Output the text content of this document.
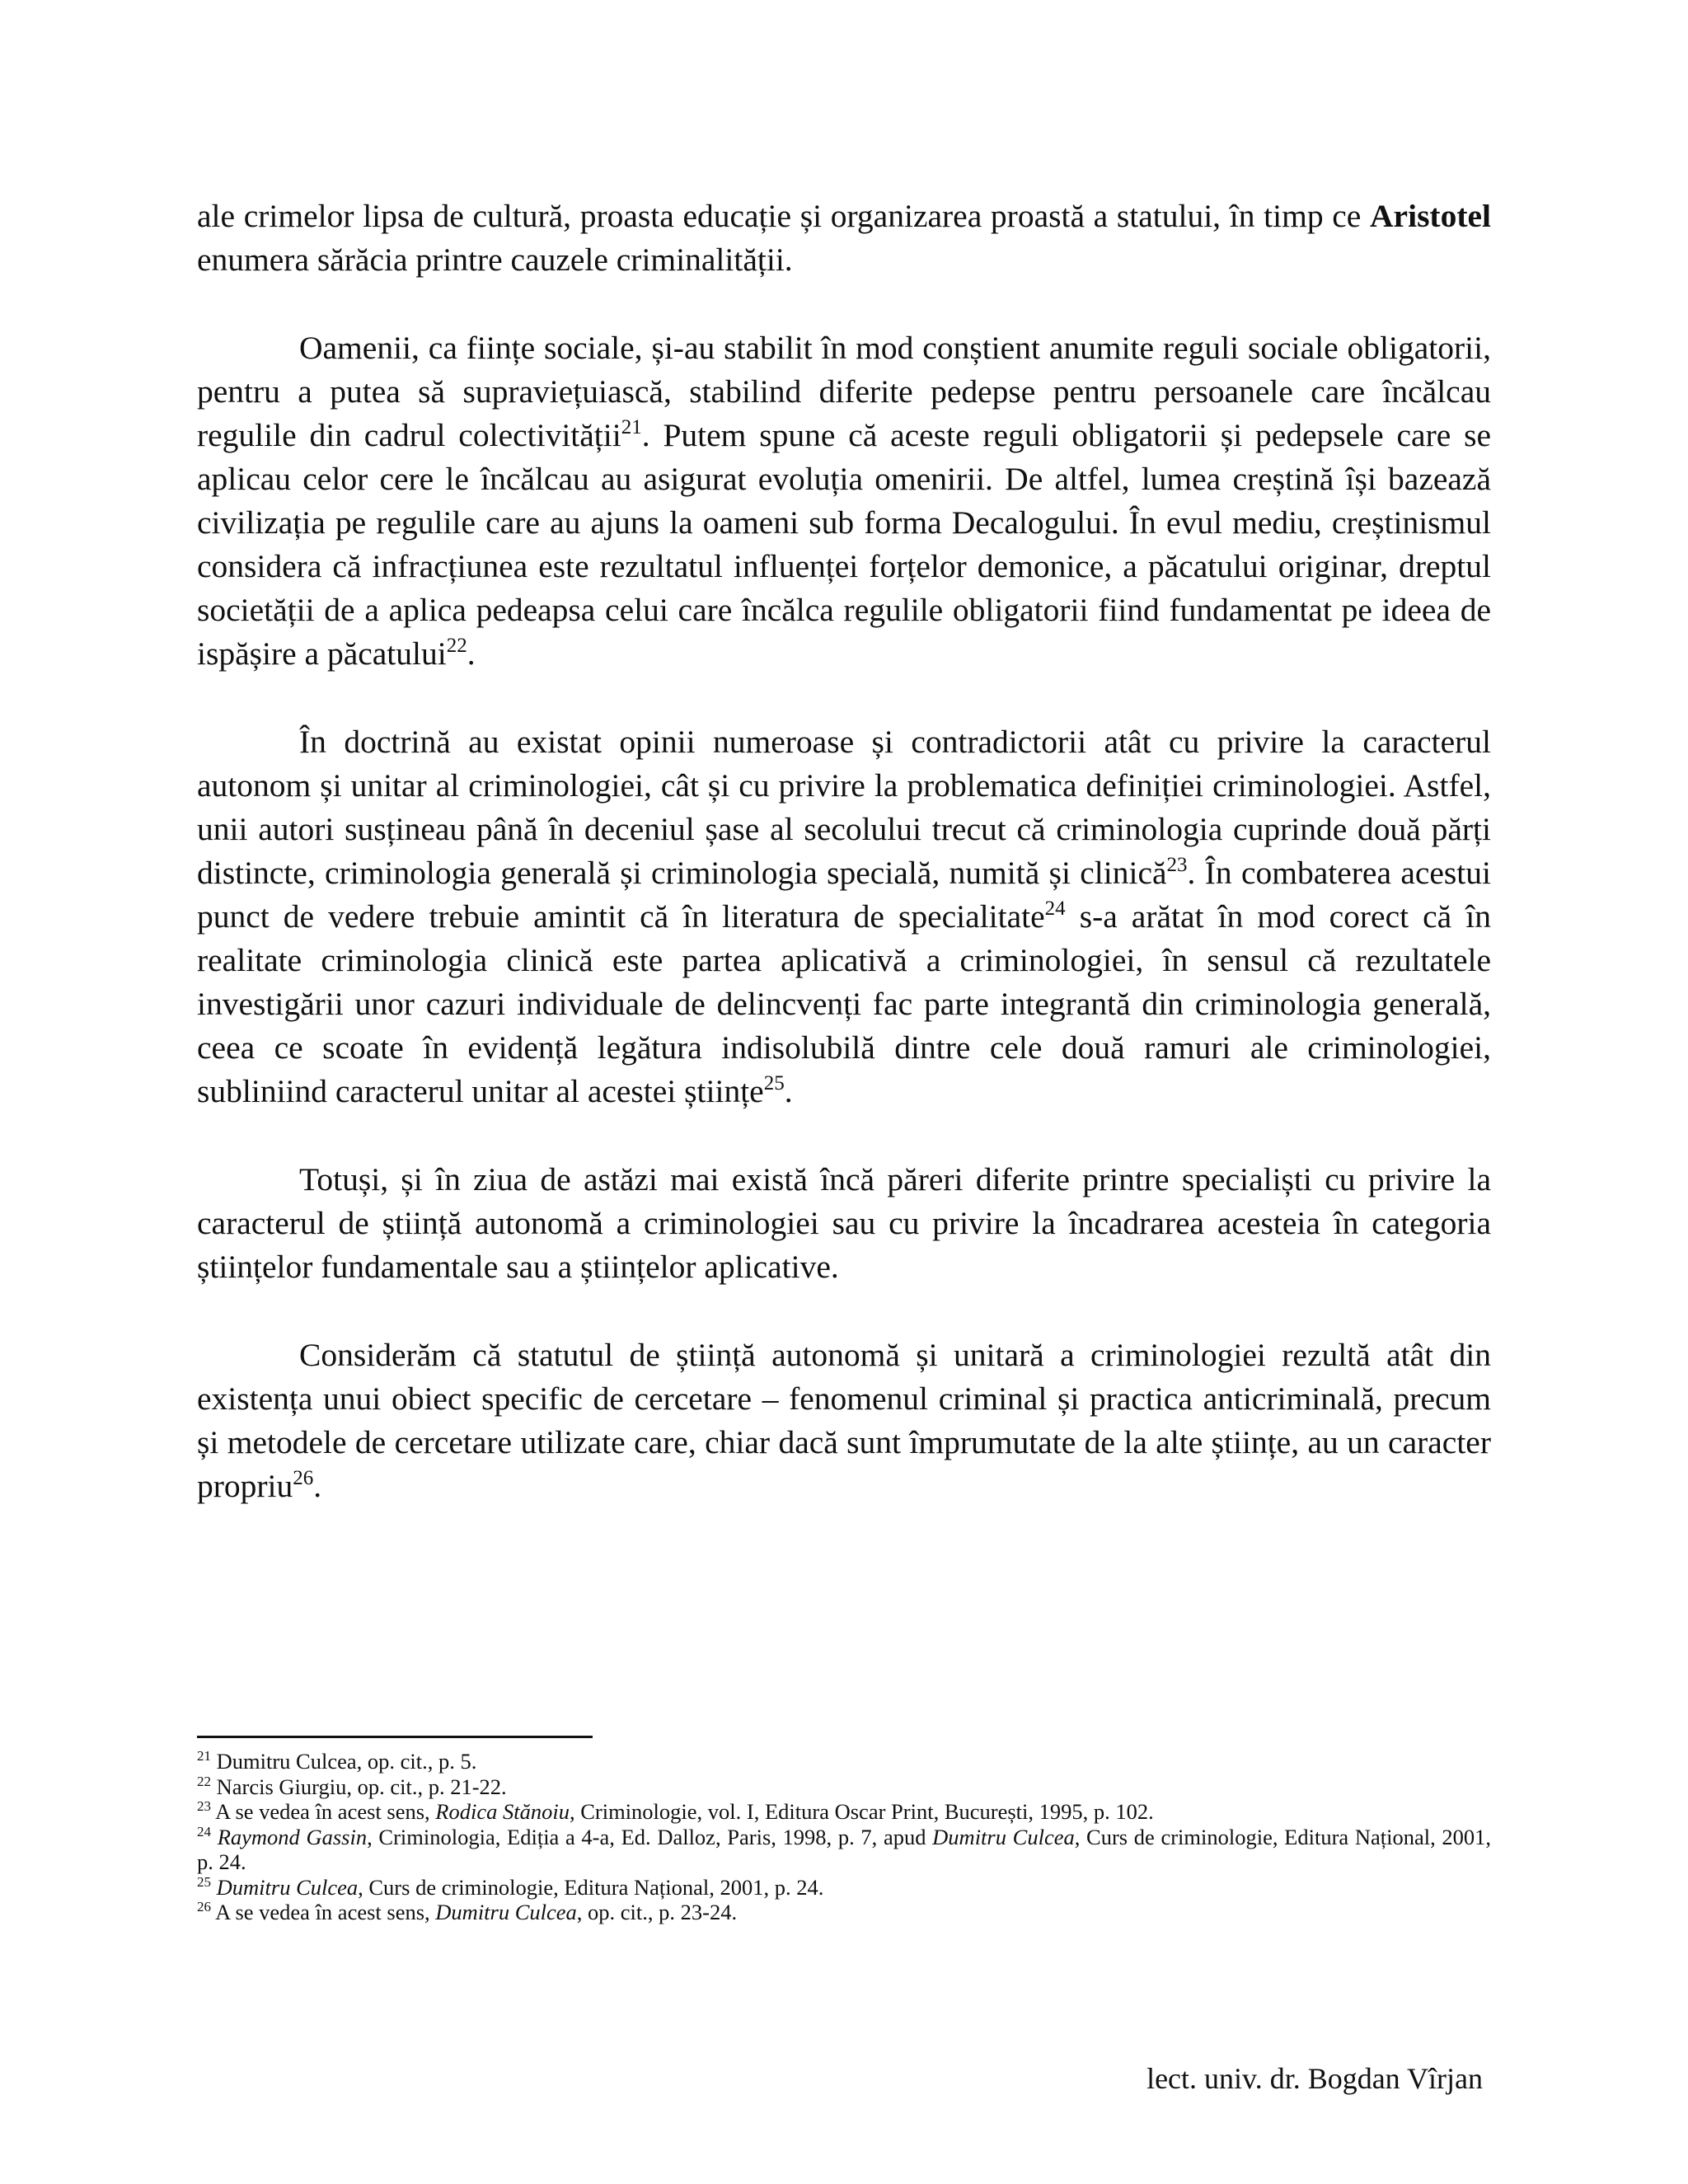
ale crimelor lipsa de cultură, proasta educație și organizarea proastă a statului, în timp ce Aristotel enumera sărăcia printre cauzele criminalității.

Oamenii, ca ființe sociale, și-au stabilit în mod conștient anumite reguli sociale obligatorii, pentru a putea să supraviețuiască, stabilind diferite pedepse pentru persoanele care încălcau regulile din cadrul colectivității$^{21}$. Putem spune că aceste reguli obligatorii și pedepsele care se aplicau celor cere le încălcau au asigurat evoluția omenirii. De altfel, lumea creștină își bazează civilizația pe regulile care au ajuns la oameni sub forma Decalogului. În evul mediu, creștinismul considera că infracțiunea este rezultatul influenței forțelor demonice, a păcatului originar, dreptul societății de a aplica pedeapsa celui care încălca regulile obligatorii fiind fundamentat pe ideea de ispășire a păcatului$^{22}$.

În doctrină au existat opinii numeroase și contradictorii atât cu privire la caracterul autonom și unitar al criminologiei, cât și cu privire la problematica definiției criminologiei. Astfel, unii autori susțineau până în deceniul șase al secolului trecut că criminologia cuprinde două părți distincte, criminologia generală și criminologia specială, numită și clinică$^{23}$. În combaterea acestui punct de vedere trebuie amintit că în literatura de specialitate$^{24}$ s-a arătat în mod corect că în realitate criminologia clinică este partea aplicativă a criminologiei, în sensul că rezultatele investigării unor cazuri individuale de delincvenți fac parte integrantă din criminologia generală, ceea ce scoate în evidență legătura indisolubilă dintre cele două ramuri ale criminologiei, subliniind caracterul unitar al acestei științe$^{25}$.

Totuși, și în ziua de astăzi mai există încă păreri diferite printre specialiști cu privire la caracterul de știință autonomă a criminologiei sau cu privire la încadrarea acesteia în categoria științelor fundamentale sau a științelor aplicative.

Considerăm că statutul de știință autonomă și unitară a criminologiei rezultă atât din existența unui obiect specific de cercetare – fenomenul criminal și practica anticriminală, precum și metodele de cercetare utilizate care, chiar dacă sunt împrumutate de la alte științe, au un caracter propriu$^{26}$.

$^{21}$ Dumitru Culcea, op. cit., p. 5.

$^{22}$ Narcis Giurgiu, op. cit., p. 21-22.

$^{23}$ A se vedea în acest sens, Rodica Stănoiu, Criminologie, vol. I, Editura Oscar Print, București, 1995, p. 102.

$^{24}$ Raymond Gassin, Criminologia, Ediția a 4-a, Ed. Dalloz, Paris, 1998, p. 7, apud Dumitru Culcea, Curs de criminologie, Editura Național, 2001, p. 24.

$^{25}$ Dumitru Culcea, Curs de criminologie, Editura Național, 2001, p. 24.

$^{26}$ A se vedea în acest sens, Dumitru Culcea, op. cit., p. 23-24.

lect. univ. dr. Bogdan Vîrjan
